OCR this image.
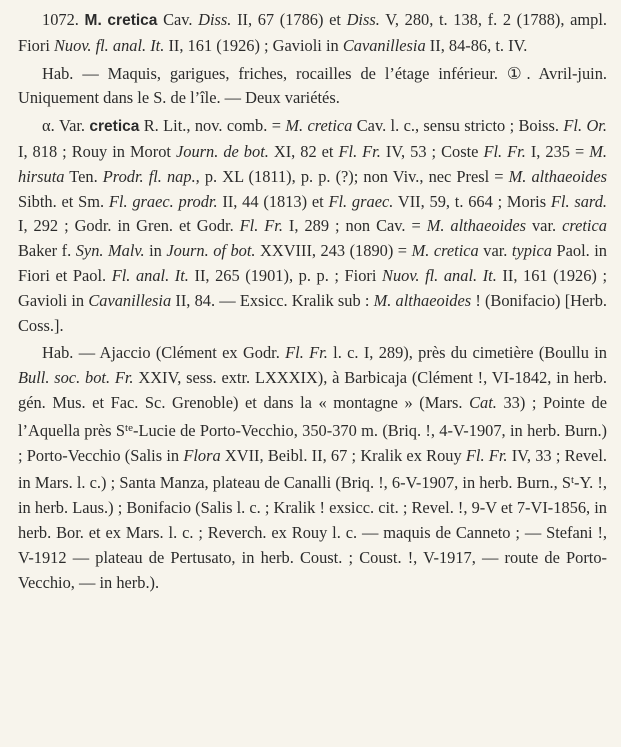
1072. M. cretica Cav. Diss. II, 67 (1786) et Diss. V, 280, t. 138, f. 2 (1788), ampl. Fiori Nuov. fl. anal. It. II, 161 (1926) ; Gavioli in Cavanillesia II, 84-86, t. IV.

Hab. — Maquis, garigues, friches, rocailles de l’étage inférieur. ①. Avril-juin. Uniquement dans le S. de l’île. — Deux variétés.

α. Var. cretica R. Lit., nov. comb. = M. cretica Cav. l. c., sensu stricto ; Boiss. Fl. Or. I, 818 ; Rouy in Morot Journ. de bot. XI, 82 et Fl. Fr. IV, 53 ; Coste Fl. Fr. I, 235 = M. hirsuta Ten. Prodr. fl. nap., p. XL (1811), p. p. (?); non Viv., nec Presl = M. althaeoides Sibth. et Sm. Fl. graec. prodr. II, 44 (1813) et Fl. graec. VII, 59, t. 664 ; Moris Fl. sard. I, 292 ; Godr. in Gren. et Godr. Fl. Fr. I, 289 ; non Cav. = M. althaeoides var. cretica Baker f. Syn. Malv. in Journ. of bot. XXVIII, 243 (1890) = M. cretica var. typica Paol. in Fiori et Paol. Fl. anal. It. II, 265 (1901), p. p. ; Fiori Nuov. fl. anal. It. II, 161 (1926) ; Gavioli in Cavanillesia II, 84. — Exsicc. Kralik sub : M. althaeoides ! (Bonifacio) [Herb. Coss.].

Hab. — Ajaccio (Clément ex Godr. Fl. Fr. l. c. I, 289), près du cimetière (Boullu in Bull. soc. bot. Fr. XXIV, sess. extr. LXXXIX), à Barbicaja (Clément !, VI-1842, in herb. gén. Mus. et Fac. Sc. Grenoble) et dans la « montagne » (Mars. Cat. 33) ; Pointe de l’Aquella près $S^{te}$-Lucie de Porto-Vecchio, 350-370 m. (Briq. !, 4-V-1907, in herb. Burn.) ; Porto-Vecchio (Salis in Flora XVII, Beibl. II, 67 ; Kralik ex Rouy Fl. Fr. IV, 33 ; Revel. in Mars. l. c.) ; Santa Manza, plateau de Canalli (Briq. !, 6-V-1907, in herb. Burn., $S^t-Y$. !, in herb. Laus.) ; Bonifacio (Salis l. c. ; Kralik ! exsicc. cit. ; Revel. !, 9-V et 7-VI-1856, in herb. Bor. et ex Mars. l. c. ; Reverch. ex Rouy l. c. — maquis de Canneto ; — Stefani !, V-1912 — plateau de Pertusato, in herb. Coust. ; Coust. !, V-1917, — route de Porto-Vecchio, — in herb.).
